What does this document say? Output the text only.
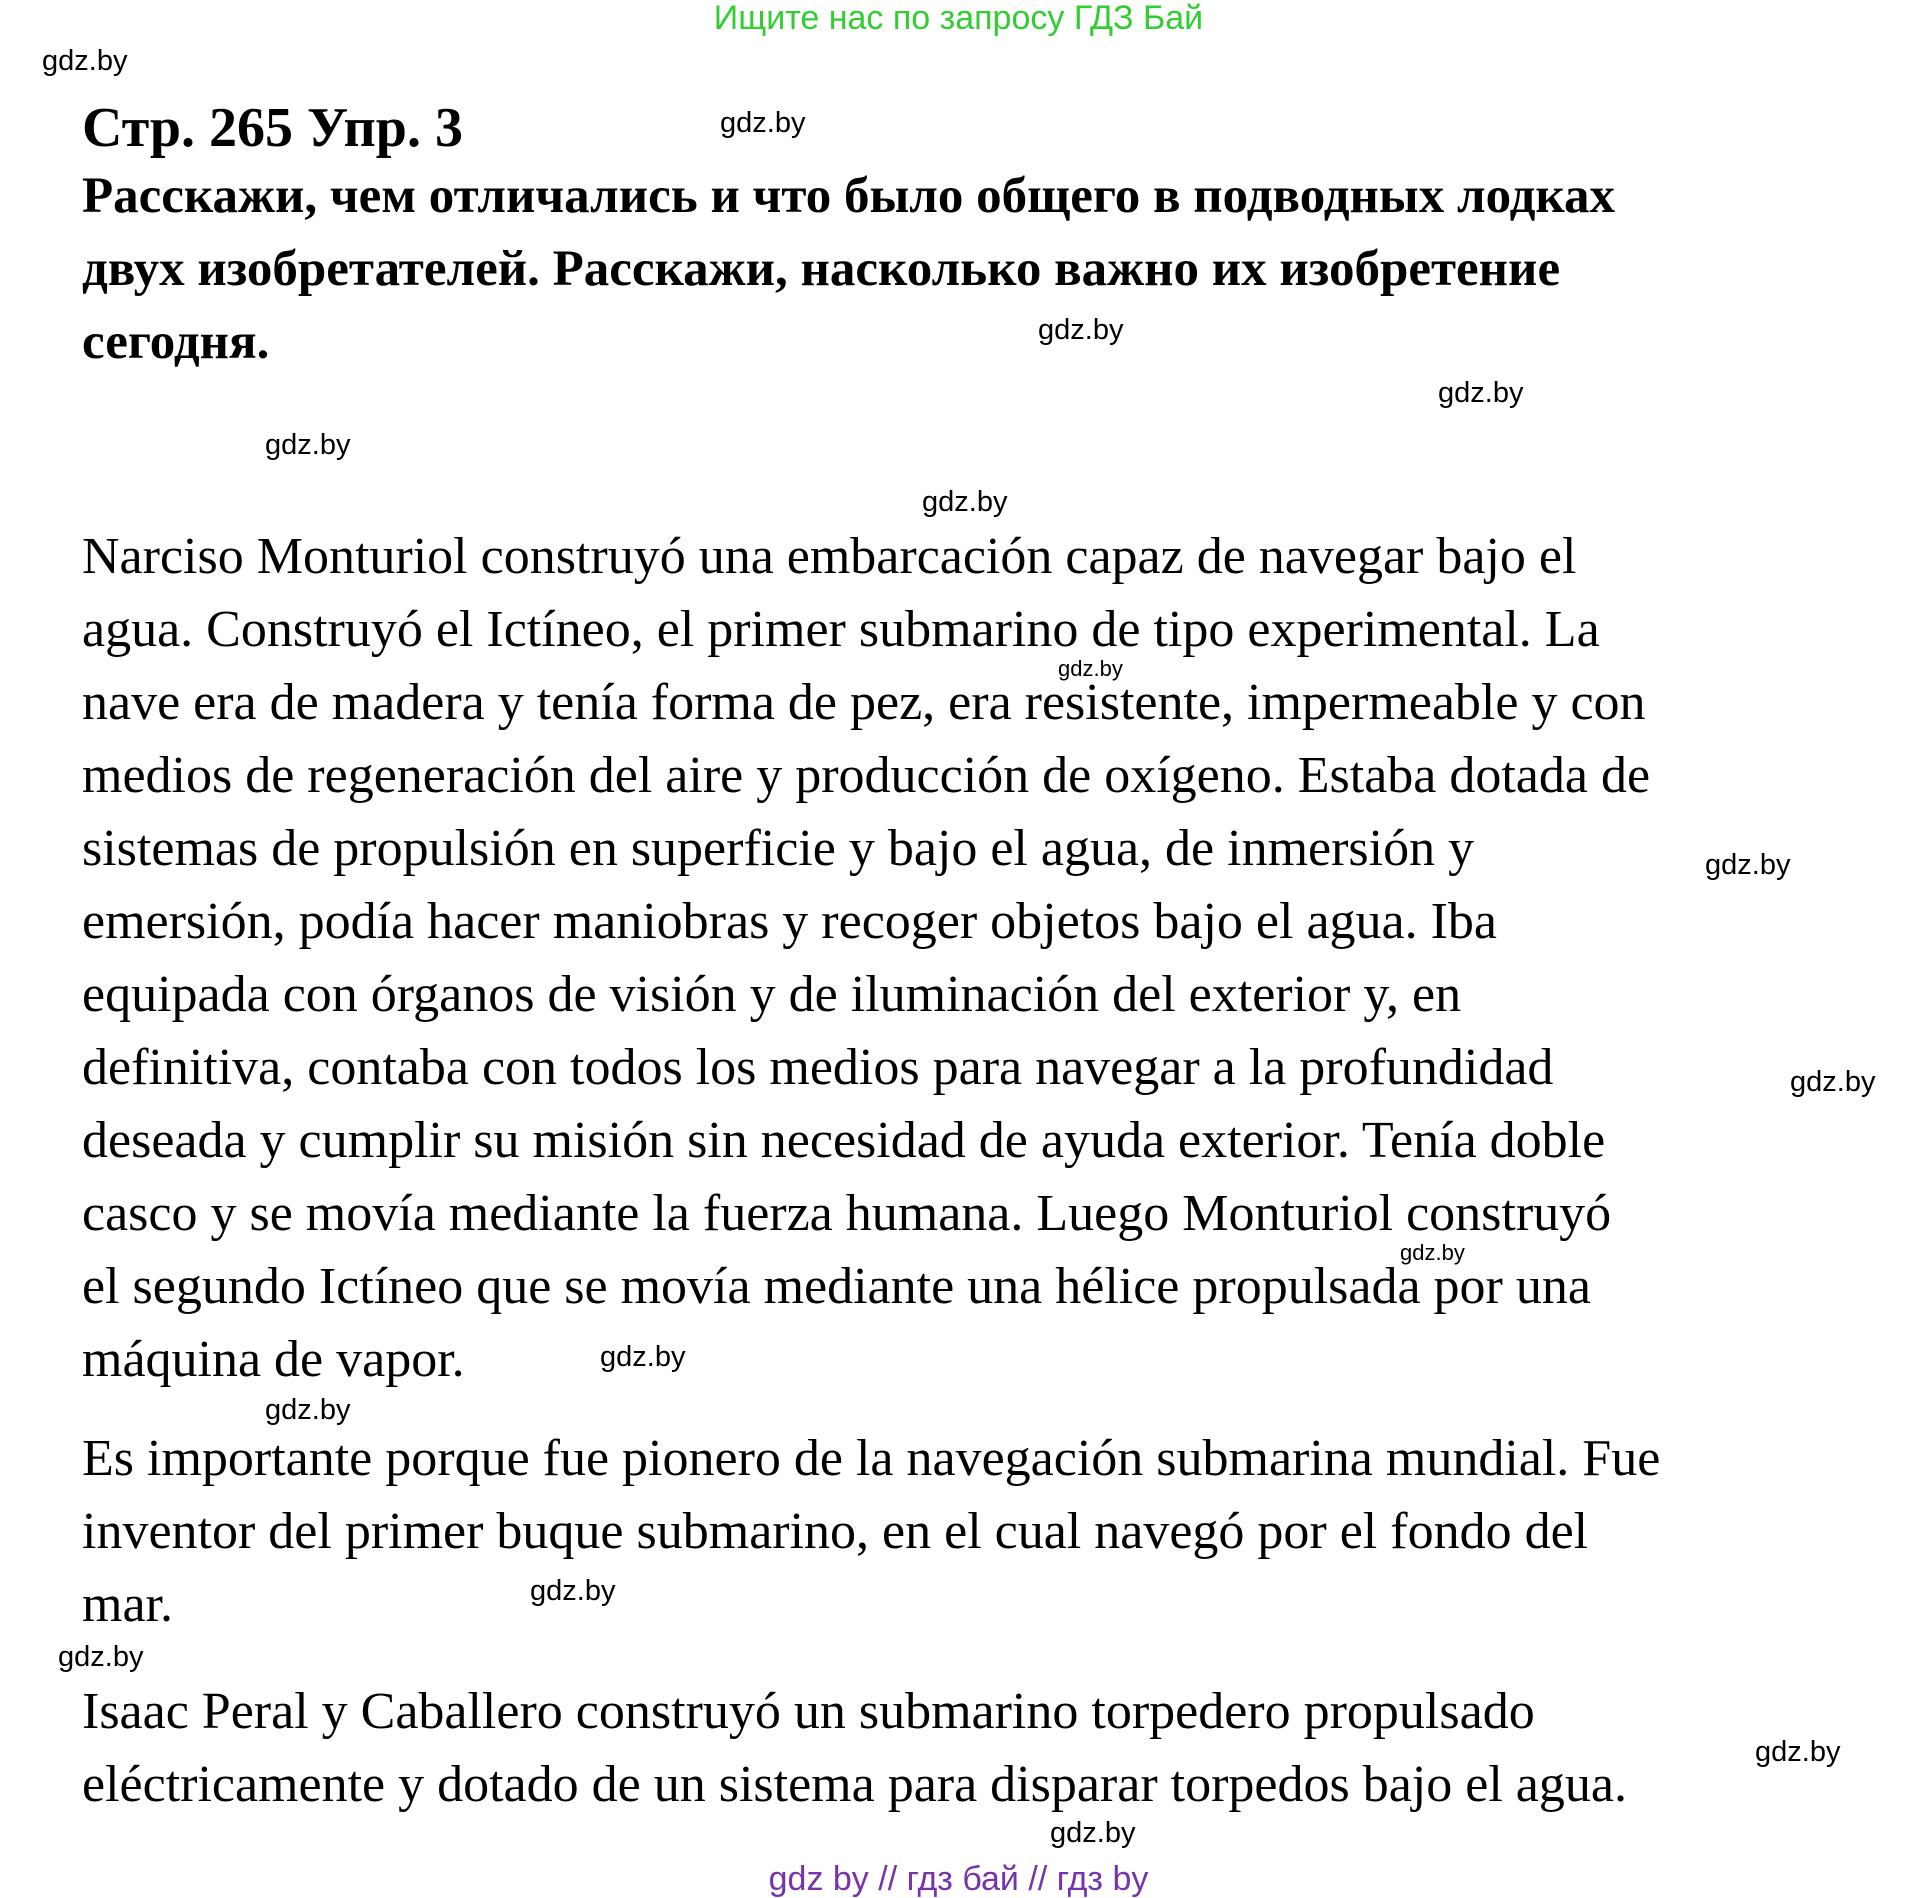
Ищите нас по запросу ГДЗ Бай
Стр. 265 Упр. 3
Расскажи, чем отличались и что было общего в подводных лодках
двух изобретателей. Расскажи, насколько важно их изобретение
сегодня.
Narciso Monturiol construyó una embarcación capaz de navegar bajo el
agua. Construyó el Ictíneo, el primer submarino de tipo experimental. La
nave era de madera y tenía forma de pez, era resistente, impermeable y con
medios de regeneración del aire y producción de oxígeno. Estaba dotada de
sistemas de propulsión en superficie y bajo el agua, de inmersión y
emersión, podía hacer maniobras y recoger objetos bajo el agua. Iba
equipada con órganos de visión y de iluminación del exterior y, en
definitiva, contaba con todos los medios para navegar a la profundidad
deseada y cumplir su misión sin necesidad de ayuda exterior. Tenía doble
casco y se movía mediante la fuerza humana. Luego Monturiol construyó
el segundo Ictíneo que se movía mediante una hélice propulsada por una
máquina de vapor.
Es importante porque fue pionero de la navegación submarina mundial. Fue
inventor del primer buque submarino, en el cual navegó por el fondo del
mar.
Isaac Peral y Caballero construyó un submarino torpedero propulsado
eléctricamente y dotado de un sistema para disparar torpedos bajo el agua.
gdz.by
gdz.by
gdz.by
gdz.by
gdz.by
gdz.by
gdz.by
gdz.by
gdz.by
gdz.by
gdz.by
gdz.by
gdz.by
gdz.by
gdz.by
gdz.by
gdz by // гдз бай // гдз by
